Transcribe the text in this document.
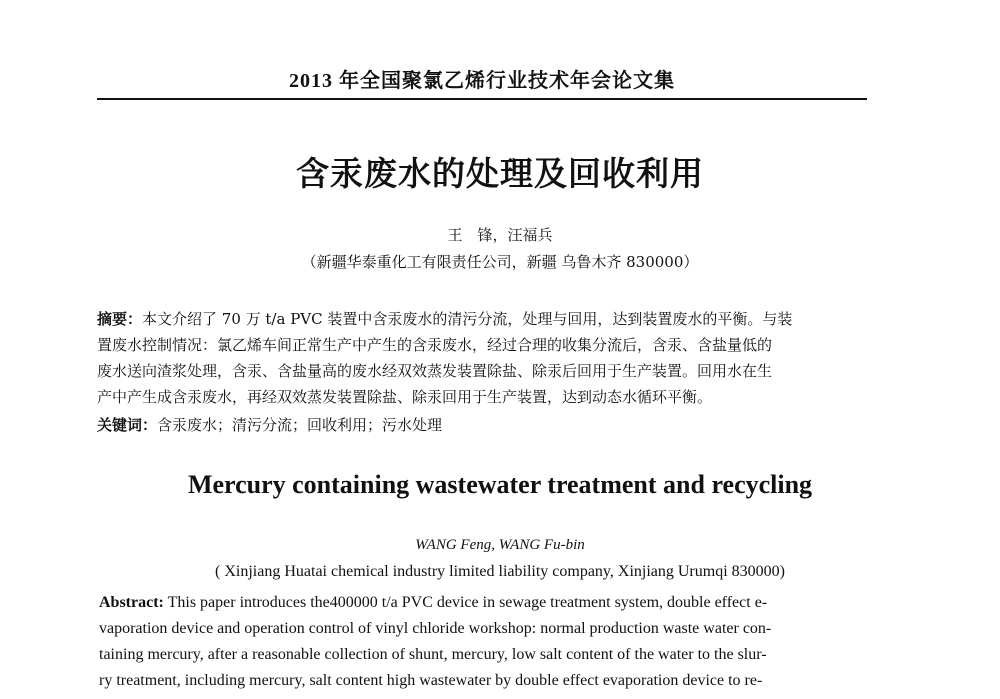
2013 年全国聚氯乙烯行业技术年会论文集
含汞废水的处理及回收利用
王　锋，汪福兵
（新疆华泰重化工有限责任公司，新疆 乌鲁木齐 830000）
摘要：本文介绍了 70 万 t/a PVC 装置中含汞废水的清污分流，处理与回用，达到装置废水的平衡。与装
置废水控制情况：氯乙烯车间正常生产中产生的含汞废水，经过合理的收集分流后，含汞、含盐量低的
废水送向渣浆处理，含汞、含盐量高的废水经双效蒸发装置除盐、除汞后回用于生产装置。回用水在生
产中产生成含汞废水，再经双效蒸发装置除盐、除汞回用于生产装置，达到动态水循环平衡。
关键词：含汞废水；清污分流；回收利用；污水处理
Mercury containing wastewater treatment and recycling
WANG Feng, WANG Fu-bin
( Xinjiang Huatai chemical industry limited liability company, Xinjiang Urumqi 830000)
Abstract: This paper introduces the400000 t/a PVC device in sewage treatment system, double effect e-
vaporation device and operation control of vinyl chloride workshop: normal production waste water con-
taining mercury, after a reasonable collection of shunt, mercury, low salt content of the water to the slur-
ry treatment, including mercury, salt content high wastewater by double effect evaporation device to re-
